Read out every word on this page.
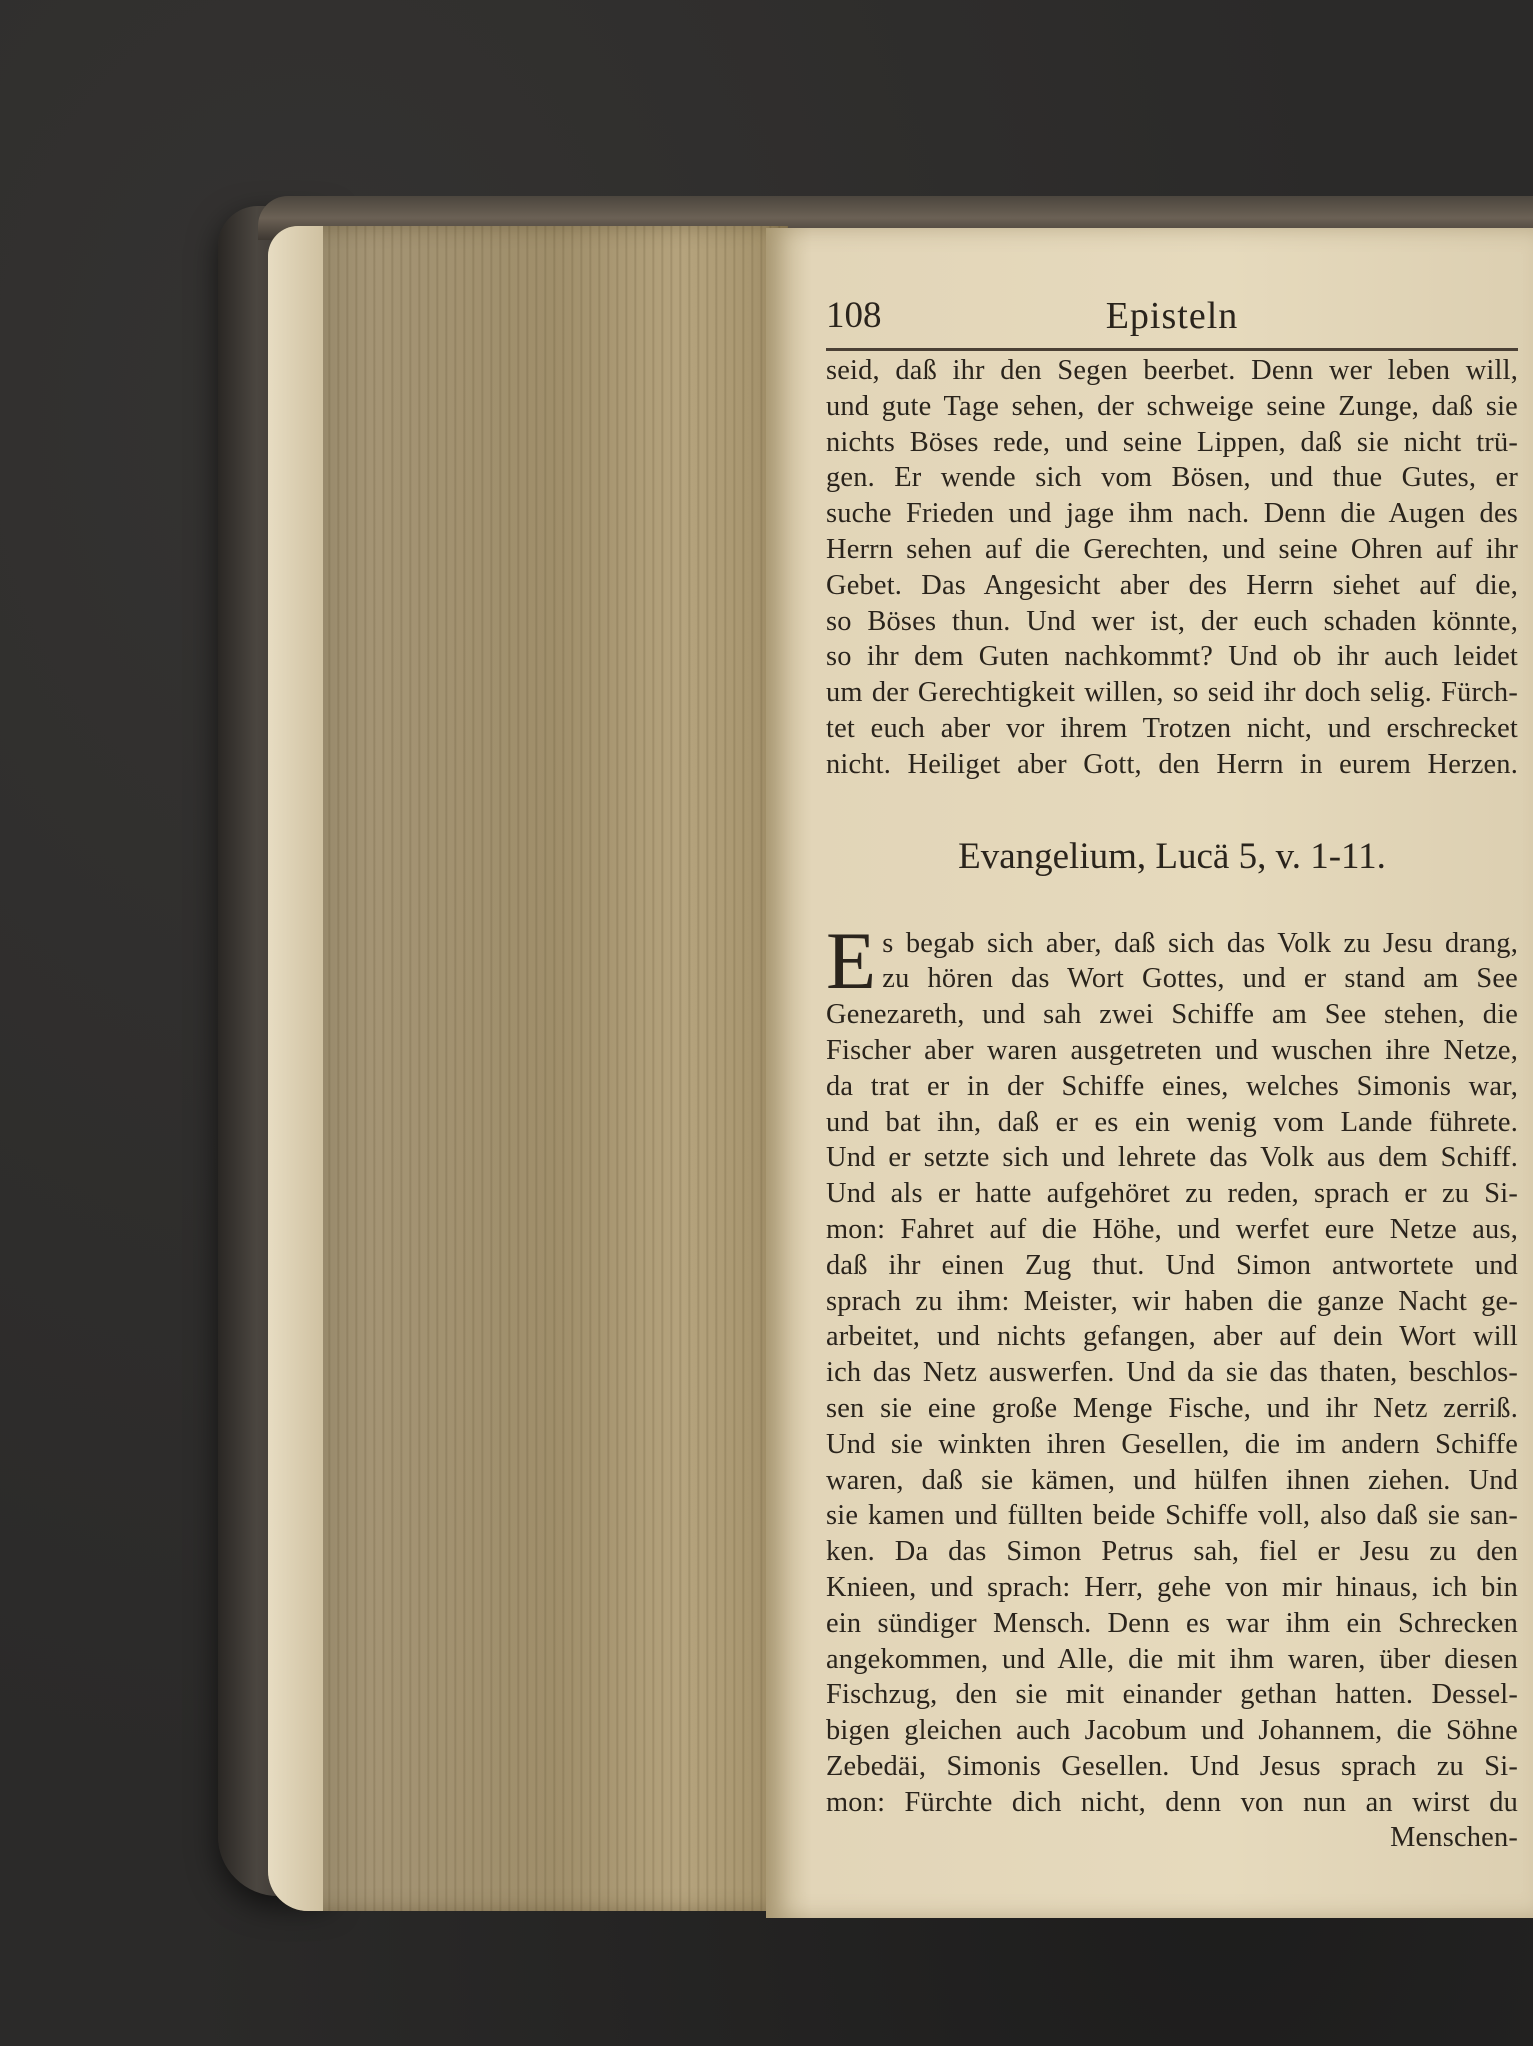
108	Episteln
seid, daß ihr den Segen beerbet. Denn wer leben will,
und gute Tage sehen, der schweige seine Zunge, daß sie
nichts Böses rede, und seine Lippen, daß sie nicht trü-
gen. Er wende sich vom Bösen, und thue Gutes, er
suche Frieden und jage ihm nach. Denn die Augen des
Herrn sehen auf die Gerechten, und seine Ohren auf ihr
Gebet. Das Angesicht aber des Herrn siehet auf die,
so Böses thun. Und wer ist, der euch schaden könnte,
so ihr dem Guten nachkommt? Und ob ihr auch leidet
um der Gerechtigkeit willen, so seid ihr doch selig. Fürch-
tet euch aber vor ihrem Trotzen nicht, und erschrecket
nicht. Heiliget aber Gott, den Herrn in eurem Herzen.
Evangelium, Lucä 5, v. 1-11.
E s begab sich aber, daß sich das Volk zu Jesu drang,
zu hören das Wort Gottes, und er stand am See
Genezareth, und sah zwei Schiffe am See stehen, die
Fischer aber waren ausgetreten und wuschen ihre Netze,
da trat er in der Schiffe eines, welches Simonis war,
und bat ihn, daß er es ein wenig vom Lande führete.
Und er setzte sich und lehrete das Volk aus dem Schiff.
Und als er hatte aufgehöret zu reden, sprach er zu Si-
mon: Fahret auf die Höhe, und werfet eure Netze aus,
daß ihr einen Zug thut. Und Simon antwortete und
sprach zu ihm: Meister, wir haben die ganze Nacht ge-
arbeitet, und nichts gefangen, aber auf dein Wort will
ich das Netz auswerfen. Und da sie das thaten, beschlos-
sen sie eine große Menge Fische, und ihr Netz zerriß.
Und sie winkten ihren Gesellen, die im andern Schiffe
waren, daß sie kämen, und hülfen ihnen ziehen. Und
sie kamen und füllten beide Schiffe voll, also daß sie san-
ken. Da das Simon Petrus sah, fiel er Jesu zu den
Knieen, und sprach: Herr, gehe von mir hinaus, ich bin
ein sündiger Mensch. Denn es war ihm ein Schrecken
angekommen, und Alle, die mit ihm waren, über diesen
Fischzug, den sie mit einander gethan hatten. Dessel-
bigen gleichen auch Jacobum und Johannem, die Söhne
Zebedäi, Simonis Gesellen. Und Jesus sprach zu Si-
mon: Fürchte dich nicht, denn von nun an wirst du
Menschen-
